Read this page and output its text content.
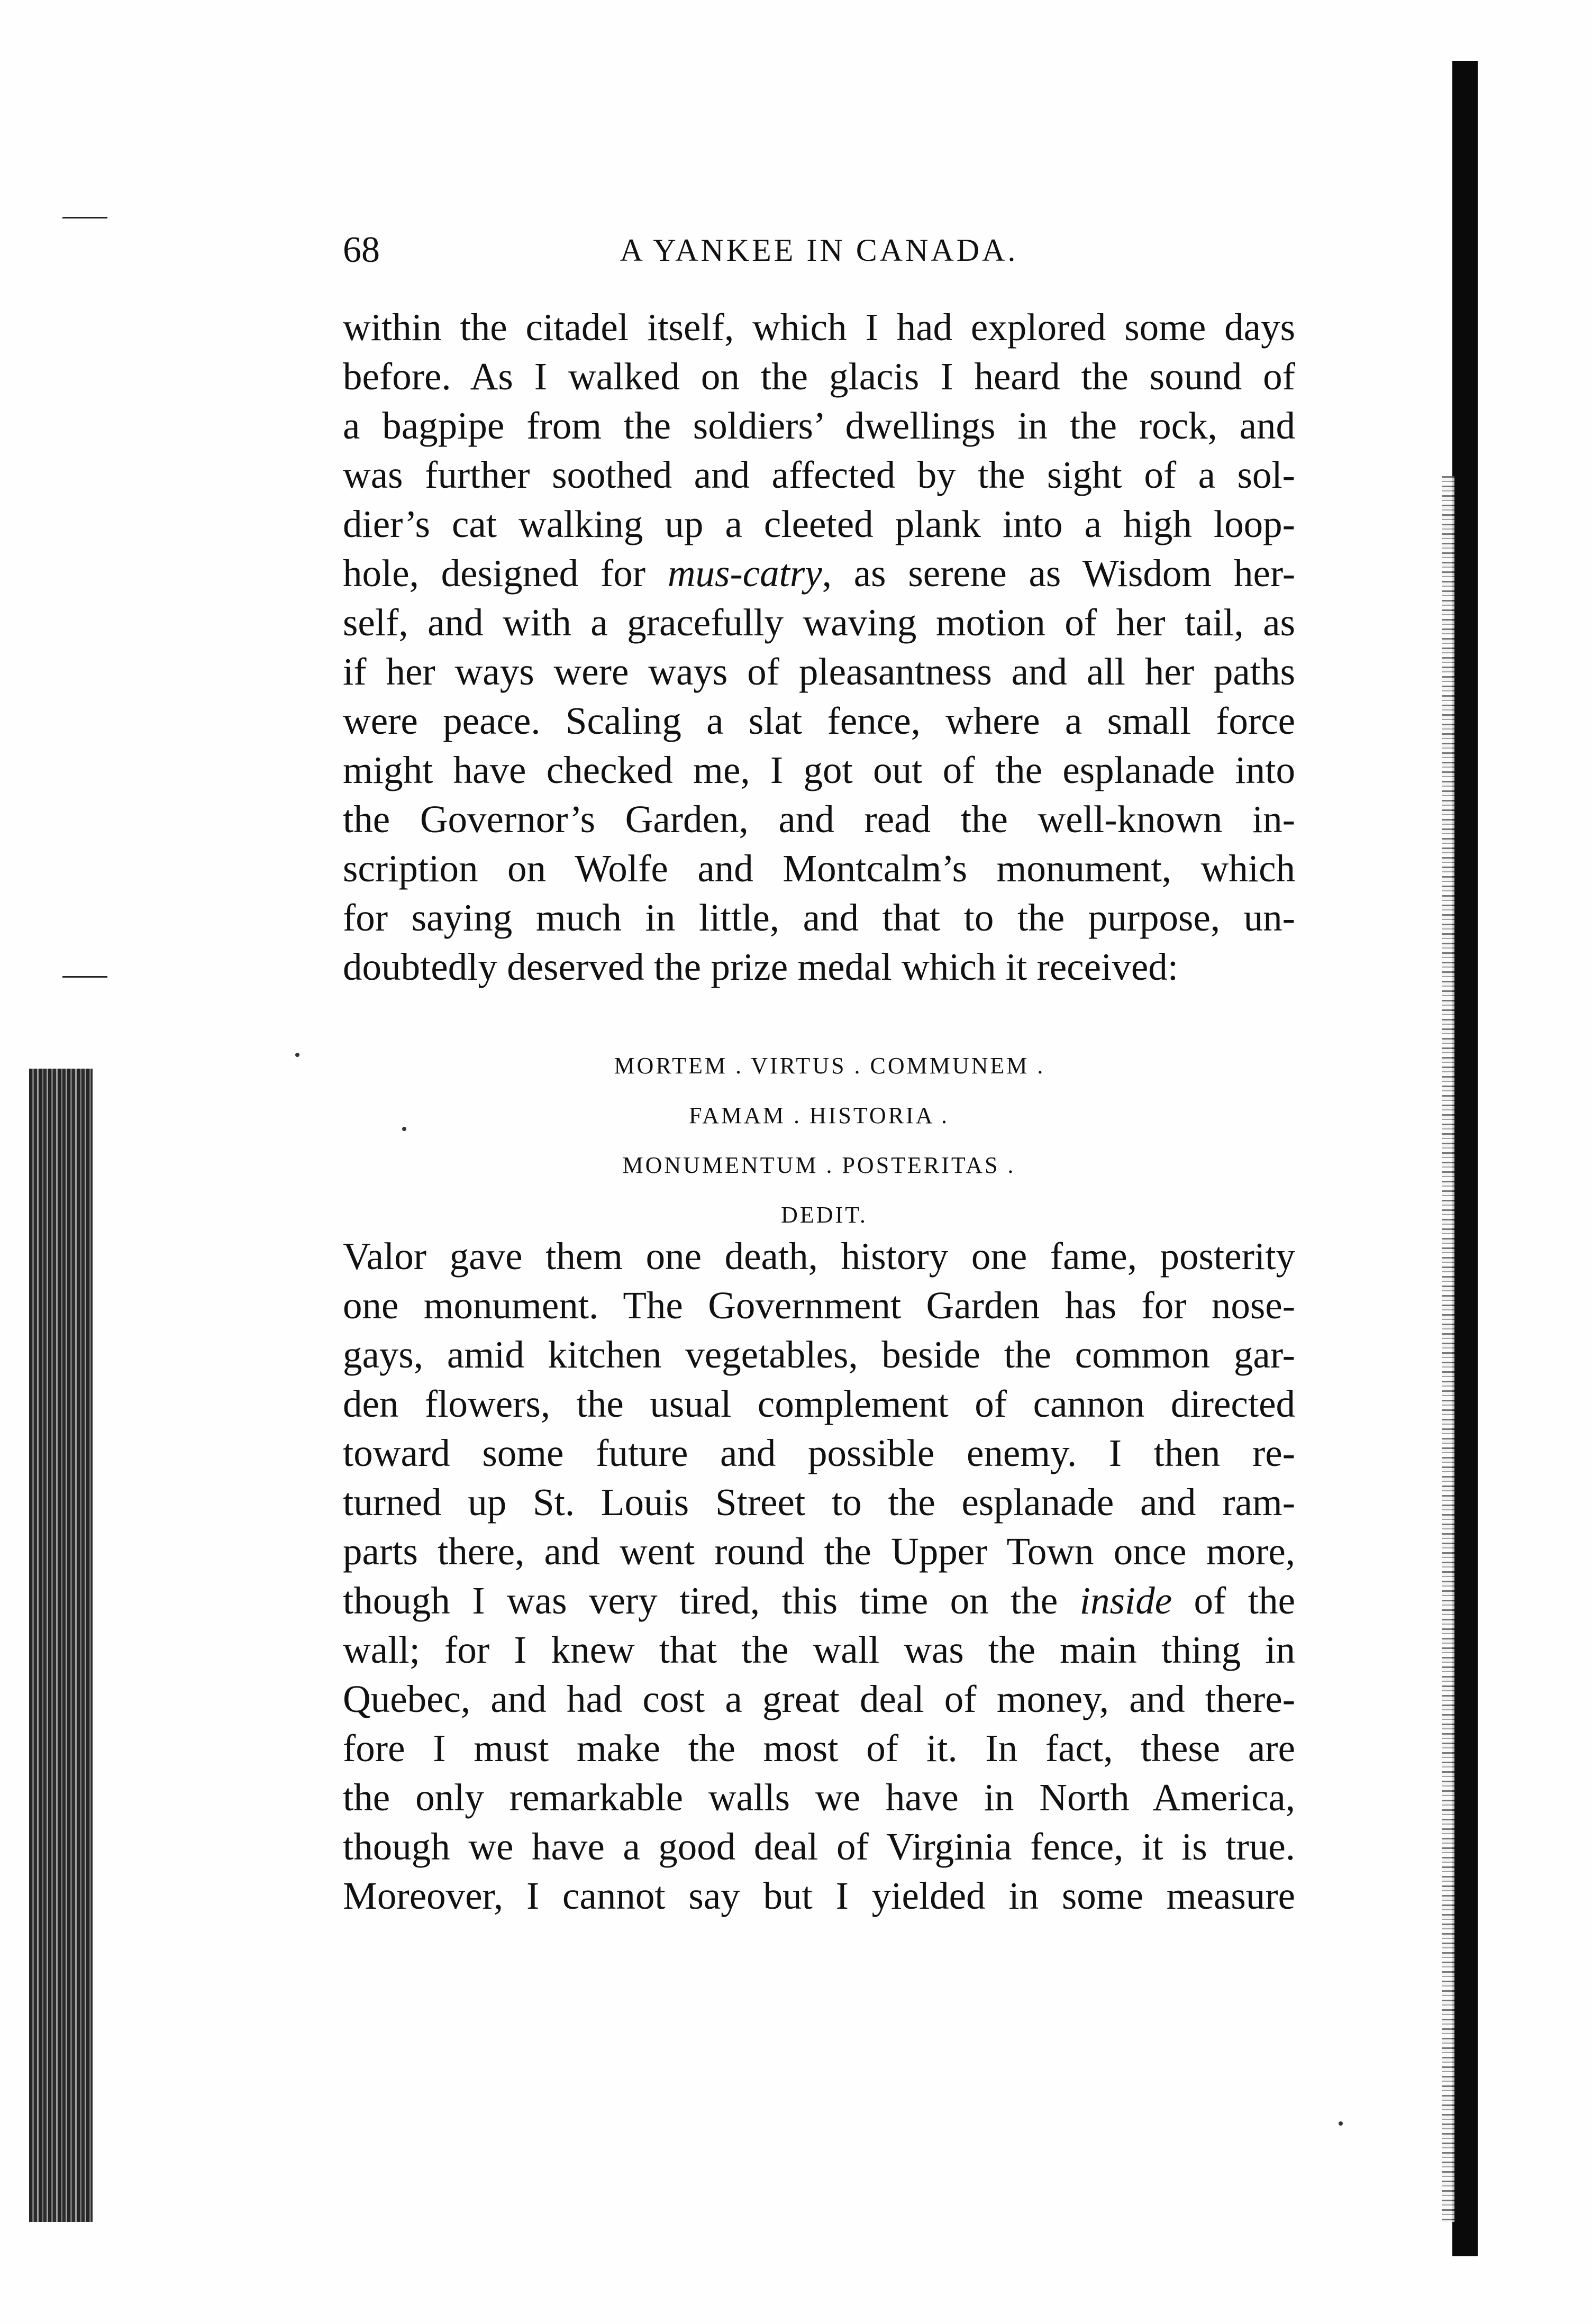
68	A YANKEE IN CANADA.
within the citadel itself, which I had explored some days
before. As I walked on the glacis I heard the sound of
a bagpipe from the soldiers’ dwellings in the rock, and
was further soothed and affected by the sight of a sol-
dier’s cat walking up a cleeted plank into a high loop-
hole, designed for mus-catry, as serene as Wisdom her-
self, and with a gracefully waving motion of her tail, as
if her ways were ways of pleasantness and all her paths
were peace. Scaling a slat fence, where a small force
might have checked me, I got out of the esplanade into
the Governor’s Garden, and read the well-known in-
scription on Wolfe and Montcalm’s monument, which
for saying much in little, and that to the purpose, un-
doubtedly deserved the prize medal which it received:
MORTEM . VIRTUS . COMMUNEM .
FAMAM . HISTORIA .
MONUMENTUM . POSTERITAS .
DEDIT.
Valor gave them one death, history one fame, posterity
one monument. The Government Garden has for nose-
gays, amid kitchen vegetables, beside the common gar-
den flowers, the usual complement of cannon directed
toward some future and possible enemy. I then re-
turned up St. Louis Street to the esplanade and ram-
parts there, and went round the Upper Town once more,
though I was very tired, this time on the inside of the
wall; for I knew that the wall was the main thing in
Quebec, and had cost a great deal of money, and there-
fore I must make the most of it. In fact, these are
the only remarkable walls we have in North America,
though we have a good deal of Virginia fence, it is true.
Moreover, I cannot say but I yielded in some measure
